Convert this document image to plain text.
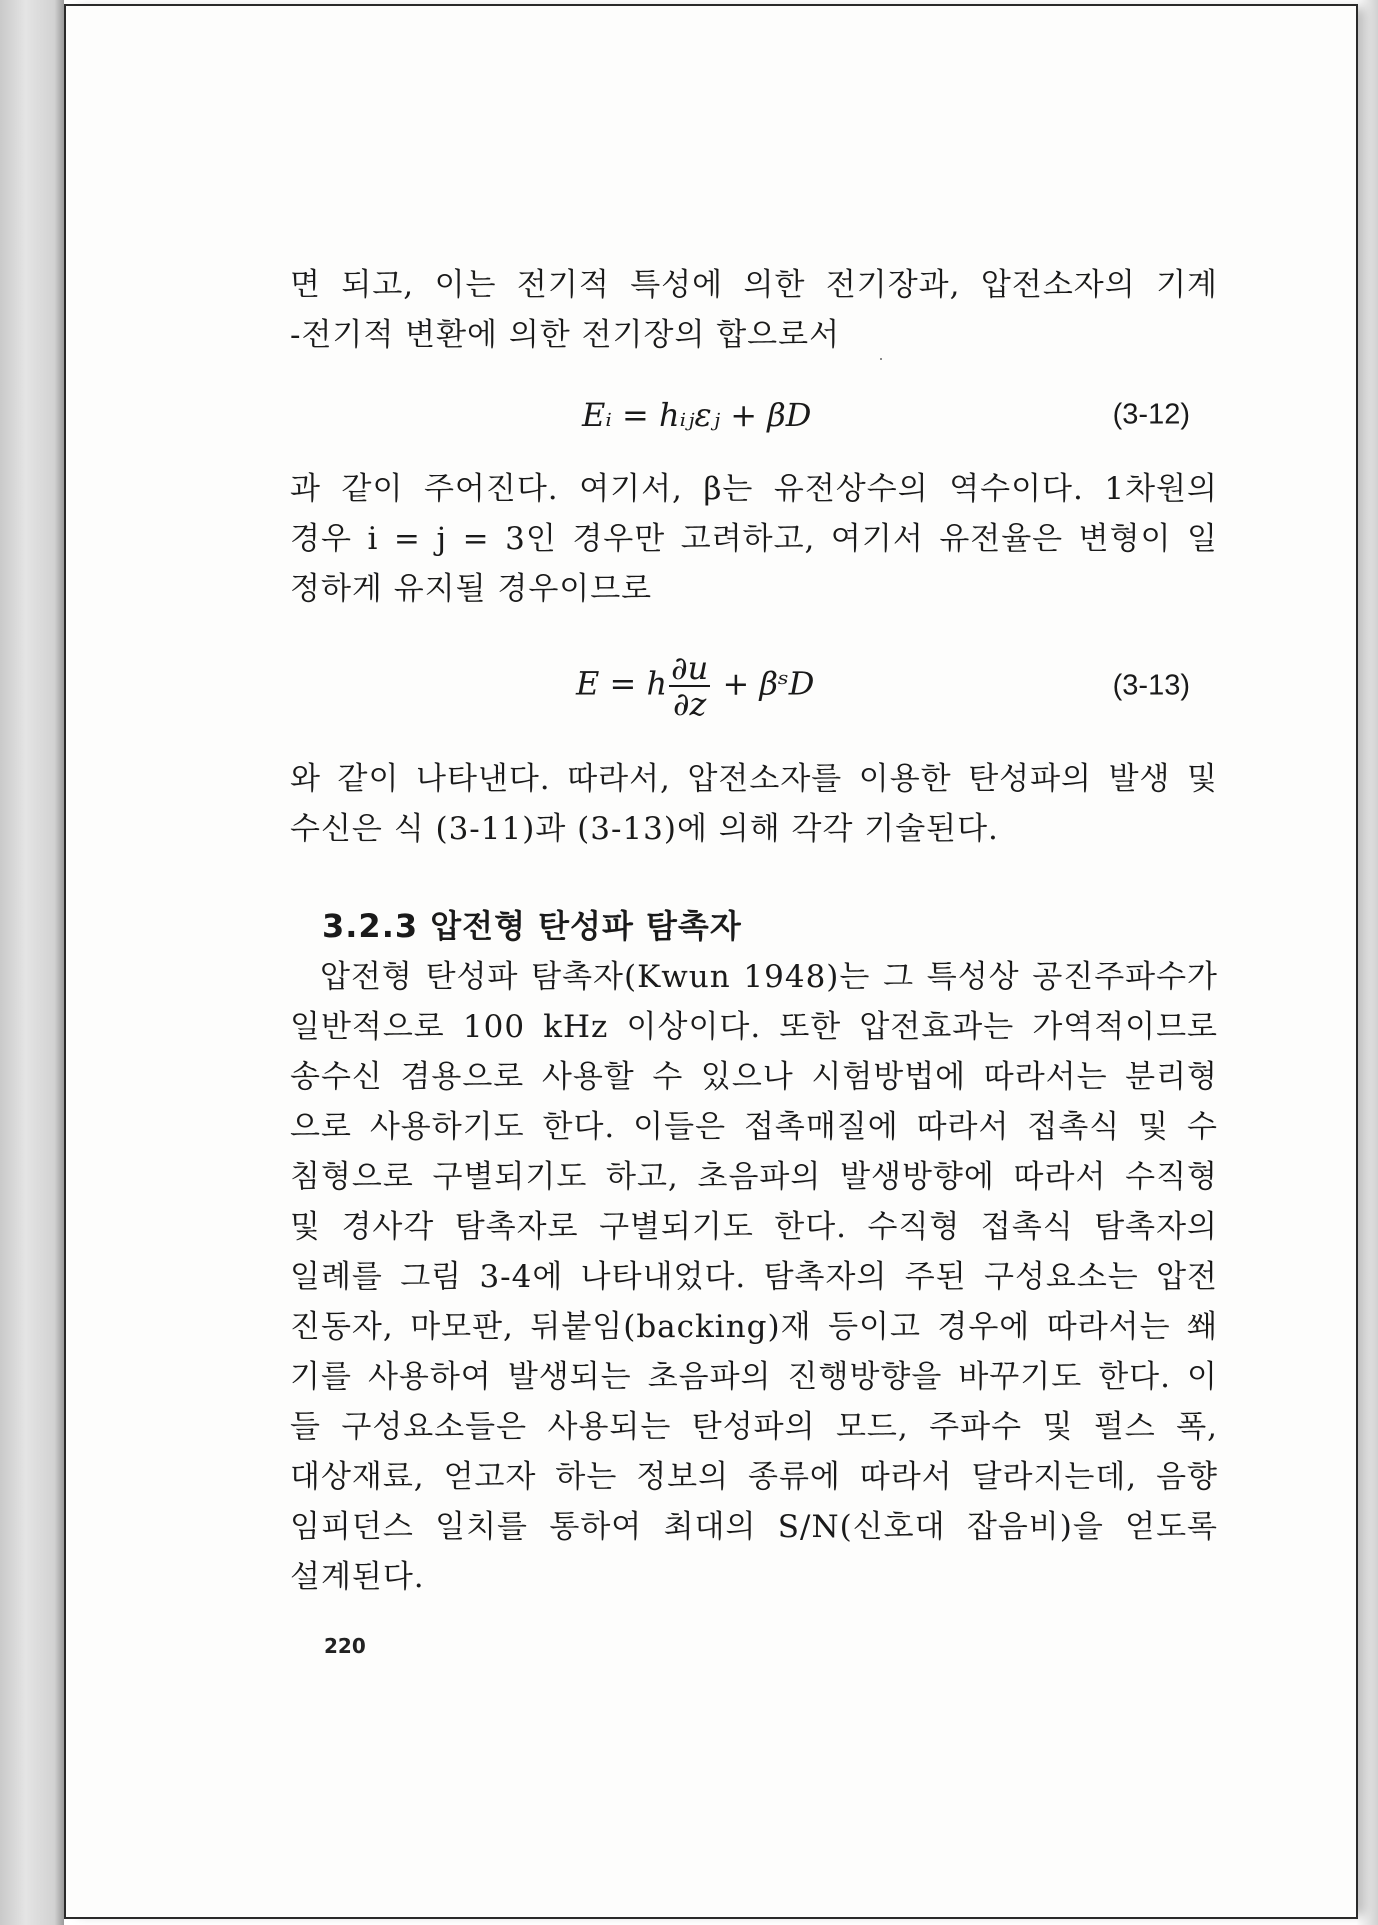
면 되고, 이는 전기적 특성에 의한 전기장과, 압전소자의 기계
-전기적 변환에 의한 전기장의 합으로서
Eᵢ = hᵢⱼεⱼ + βD	(3-12)
과 같이 주어진다. 여기서, β는 유전상수의 역수이다. 1차원의
경우 i = j = 3인 경우만 고려하고, 여기서 유전율은 변형이 일
정하게 유지될 경우이므로
E = h $\frac{\partial u}{\partial z}$ + βˢD	(3-13)
와 같이 나타낸다. 따라서, 압전소자를 이용한 탄성파의 발생 및
수신은 식 (3-11)과 (3-13)에 의해 각각 기술된다.
3.2.3 압전형 탄성파 탐촉자
압전형 탄성파 탐촉자(Kwun 1948)는 그 특성상 공진주파수가
일반적으로 100 kHz 이상이다. 또한 압전효과는 가역적이므로
송수신 겸용으로 사용할 수 있으나 시험방법에 따라서는 분리형
으로 사용하기도 한다. 이들은 접촉매질에 따라서 접촉식 및 수
침형으로 구별되기도 하고, 초음파의 발생방향에 따라서 수직형
및 경사각 탐촉자로 구별되기도 한다. 수직형 접촉식 탐촉자의
일례를 그림 3-4에 나타내었다. 탐촉자의 주된 구성요소는 압전
진동자, 마모판, 뒤붙임(backing)재 등이고 경우에 따라서는 쐐
기를 사용하여 발생되는 초음파의 진행방향을 바꾸기도 한다. 이
들 구성요소들은 사용되는 탄성파의 모드, 주파수 및 펄스 폭,
대상재료, 얻고자 하는 정보의 종류에 따라서 달라지는데, 음향
임피던스 일치를 통하여 최대의 S/N(신호대 잡음비)을 얻도록
설계된다.
220
